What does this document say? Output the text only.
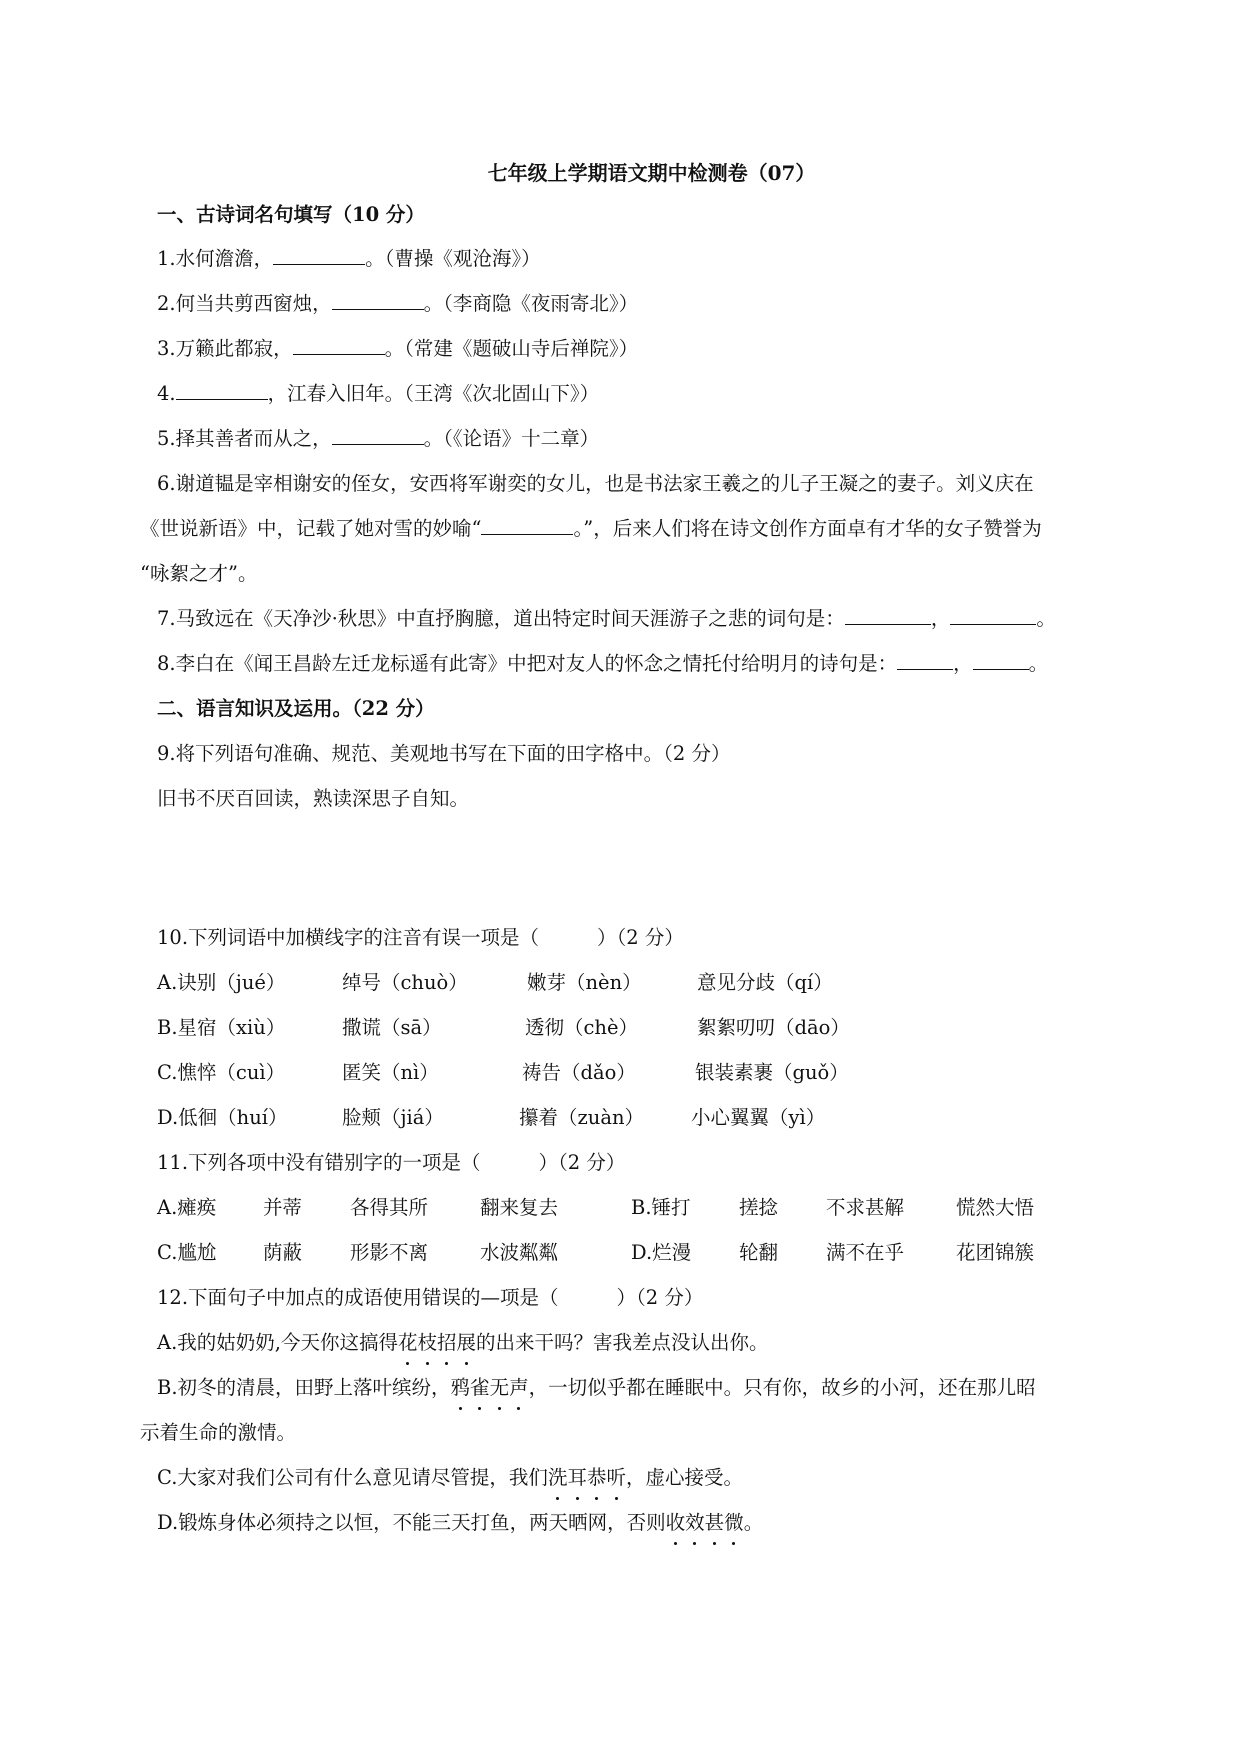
七年级上学期语文期中检测卷（07）
一、古诗词名句填写（10 分）
1.水何澹澹，	。（曹操《观沧海》）
2.何当共剪西窗烛，	。（李商隐《夜雨寄北》）
3.万籁此都寂，	。（常建《题破山寺后禅院》）
4.	，江春入旧年。（王湾《次北固山下》）
5.择其善者而从之，	。（《论语》十二章）
6.谢道韫是宰相谢安的侄女，安西将军谢奕的女儿，也是书法家王羲之的儿子王凝之的妻子。刘义庆在
《世说新语》中，记载了她对雪的妙喻“	。”，后来人们将在诗文创作方面卓有才华的女子赞誉为
“咏絮之才”。
7.马致远在《天净沙·秋思》中直抒胸臆，道出特定时间天涯游子之悲的词句是：	，	。
8.李白在《闻王昌龄左迁龙标遥有此寄》中把对友人的怀念之情托付给明月的诗句是：	，	。
二、语言知识及运用。（22 分）
9.将下列语句准确、规范、美观地书写在下面的田字格中。（2 分）
旧书不厌百回读，熟读深思子自知。
10.下列词语中加横线字的注音有误一项是（	）（2 分）
A.诀别（jué）	绰号（chuò）	嫩芽（nèn）	意见分歧（qí）
B.星宿（xiù）	撒谎（sā）	透彻（chè）	絮絮叨叨（dāo）
C.憔悴（cuì）	匿笑（nì）	祷告（dǎo）	银装素裹（guǒ）
D.低徊（huí）	脸颊（jiá）	攥着（zuàn） 小心翼翼（yì）
11.下列各项中没有错别字的一项是（	）（2 分）
A.瘫痪 并蒂 各得其所	翻来复去	B.锤打 搓捻 不求甚解	慌然大悟
C.尴尬 荫蔽 形影不离	水波粼粼	D.烂漫 轮翻 满不在乎	花团锦簇
12.下面句子中加点的成语使用错误的—项是（	）（2 分）
A.我的姑奶奶,今天你这搞得花枝招展的出来干吗？害我差点没认出你。
B.初冬的清晨，田野上落叶缤纷，鸦雀无声，一切似乎都在睡眠中。只有你，故乡的小河，还在那儿昭
示着生命的激情。
C.大家对我们公司有什么意见请尽管提，我们洗耳恭听，虚心接受。
D.锻炼身体必须持之以恒，不能三天打鱼，两天晒网，否则收效甚微。
